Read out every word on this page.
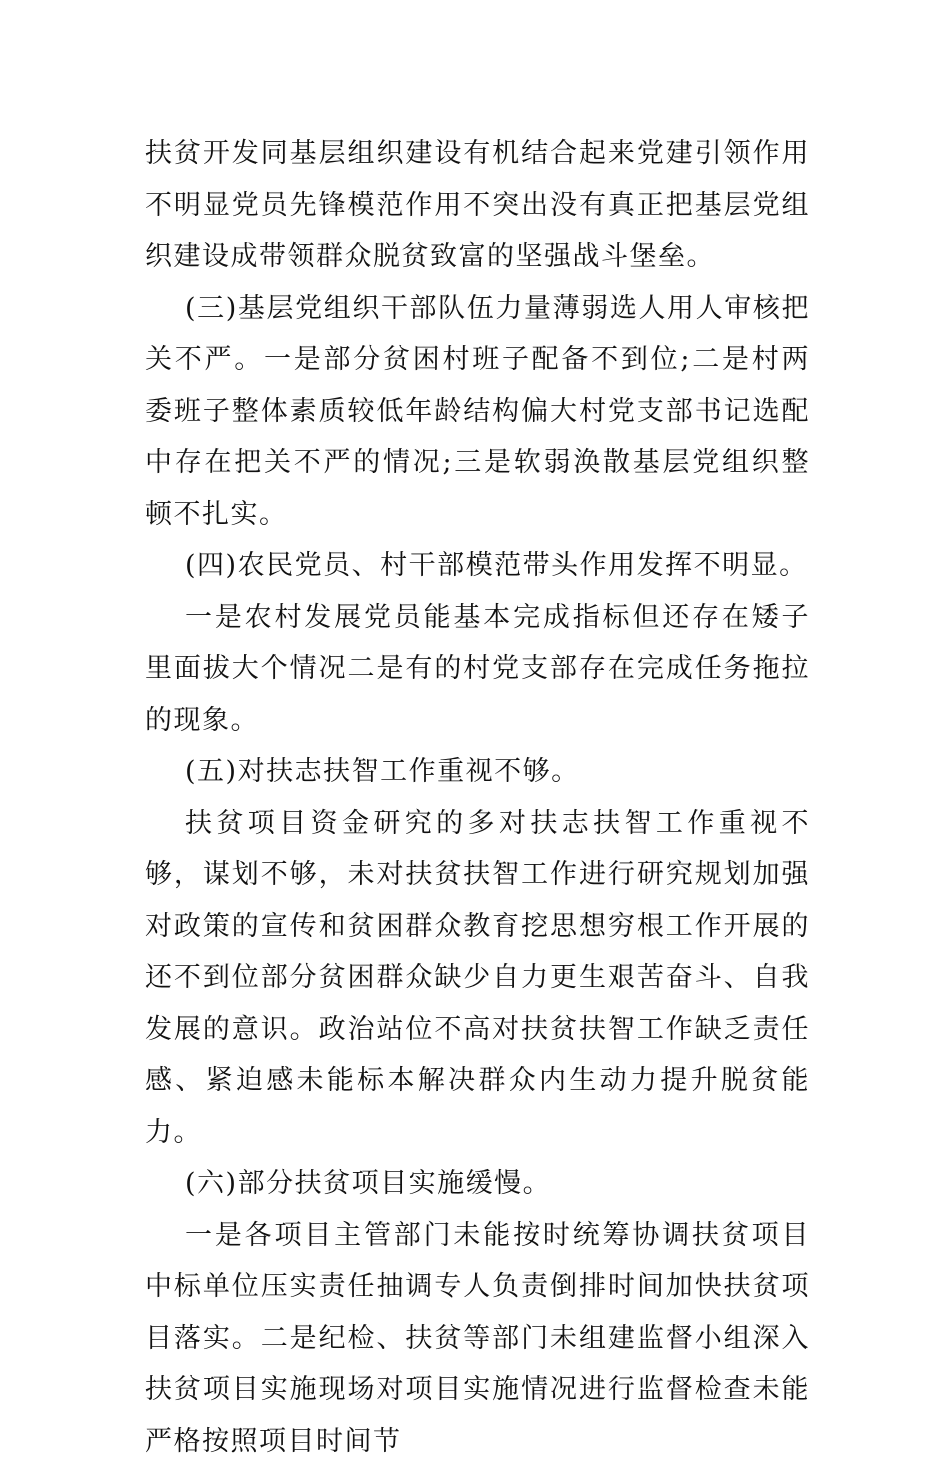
扶贫开发同基层组织建设有机结合起来党建引领作用不明显党员先锋模范作用不突出没有真正把基层党组织建设成带领群众脱贫致富的坚强战斗堡垒。

(三)基层党组织干部队伍力量薄弱选人用人审核把关不严。一是部分贫困村班子配备不到位;二是村两委班子整体素质较低年龄结构偏大村党支部书记选配中存在把关不严的情况;三是软弱涣散基层党组织整顿不扎实。

(四)农民党员、村干部模范带头作用发挥不明显。

一是农村发展党员能基本完成指标但还存在矮子里面拔大个情况二是有的村党支部存在完成任务拖拉的现象。

(五)对扶志扶智工作重视不够。

扶贫项目资金研究的多对扶志扶智工作重视不够，谋划不够，未对扶贫扶智工作进行研究规划加强对政策的宣传和贫困群众教育挖思想穷根工作开展的还不到位部分贫困群众缺少自力更生艰苦奋斗、自我发展的意识。政治站位不高对扶贫扶智工作缺乏责任感、紧迫感未能标本解决群众内生动力提升脱贫能力。

(六)部分扶贫项目实施缓慢。

一是各项目主管部门未能按时统筹协调扶贫项目中标单位压实责任抽调专人负责倒排时间加快扶贫项目落实。二是纪检、扶贫等部门未组建监督小组深入扶贫项目实施现场对项目实施情况进行监督检查未能严格按照项目时间节
